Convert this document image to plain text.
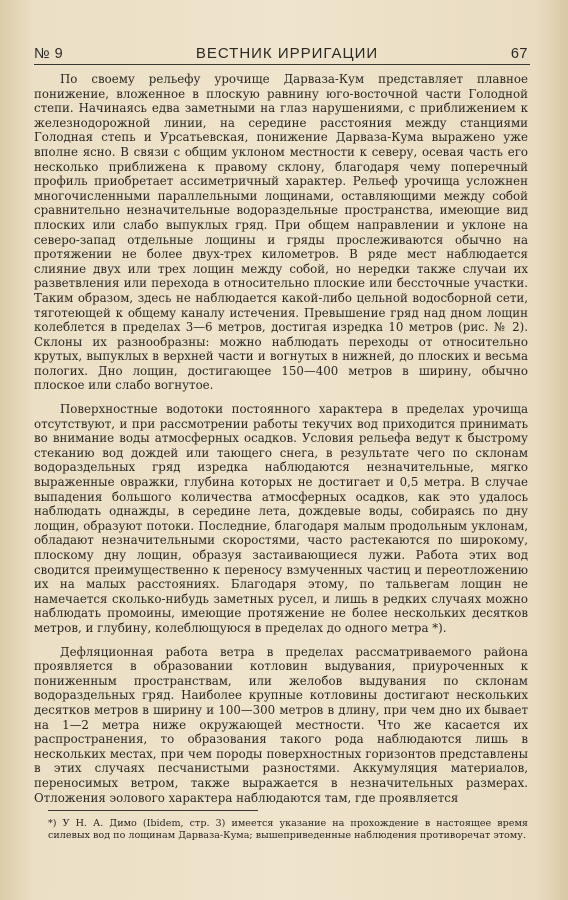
№ 9	ВЕСТНИК ИРРИГАЦИИ	67

По своему рельефу урочище Дарваза-Кум представляет плавное понижение, вложенное в плоскую равнину юго-восточной части Голодной степи. Начинаясь едва заметными на глаз нарушениями, с приближением к железнодорожной линии, на середине расстояния между станциями Голодная степь и Урсатьевская, понижение Дарваза-Кума выражено уже вполне ясно. В связи с общим уклоном местности к северу, осевая часть его несколько приближена к правому склону, благодаря чему поперечный профиль приобретает ассиметричный характер. Рельеф урочища усложнен многочисленными параллельными лощинами, оставляющими между собой сравнительно незначительные водораздельные пространства, имеющие вид плоских или слабо выпуклых гряд. При общем направлении и уклоне на северо-запад отдельные лощины и гряды прослеживаются обычно на протяжении не более двух-трех километров. В ряде мест наблюдается слияние двух или трех лощин между собой, но нередки также случаи их разветвления или перехода в относительно плоские или бессточные участки. Таким образом, здесь не наблюдается какой-либо цельной водосборной сети, тяготеющей к общему каналу истечения. Превышение гряд над дном лощин колеблется в пределах 3—6 метров, достигая изредка 10 метров (рис. № 2). Склоны их разнообразны: можно наблюдать переходы от относительно крутых, выпуклых в верхней части и вогнутых в нижней, до плоских и весьма пологих. Дно лощин, достигающее 150—400 метров в ширину, обычно плоское или слабо вогнутое.

Поверхностные водотоки постоянного характера в пределах урочища отсутствуют, и при рассмотрении работы текучих вод приходится принимать во внимание воды атмосферных осадков. Условия рельефа ведут к быстрому стеканию вод дождей или тающего снега, в результате чего по склонам водораздельных гряд изредка наблюдаются незначительные, мягко выраженные овражки, глубина которых не достигает и 0,5 метра. В случае выпадения большого количества атмосферных осадков, как это удалось наблюдать однажды, в середине лета, дождевые воды, собираясь по дну лощин, образуют потоки. Последние, благодаря малым продольным уклонам, обладают незначительными скоростями, часто растекаются по широкому, плоскому дну лощин, образуя застаивающиеся лужи. Работа этих вод сводится преимущественно к переносу взмученных частиц и переотложению их на малых расстояниях. Благодаря этому, по тальвегам лощин не намечается сколько-нибудь заметных русел, и лишь в редких случаях можно наблюдать промоины, имеющие протяжение не более нескольких десятков метров, и глубину, колеблющуюся в пределах до одного метра *).

Дефляционная работа ветра в пределах рассматриваемого района проявляется в образовании котловин выдувания, приуроченных к пониженным пространствам, или желобов выдувания по склонам водораздельных гряд. Наиболее крупные котловины достигают нескольких десятков метров в ширину и 100—300 метров в длину, при чем дно их бывает на 1—2 метра ниже окружающей местности. Что же касается их распространения, то образования такого рода наблюдаются лишь в нескольких местах, при чем породы поверхностных горизонтов представлены в этих случаях песчанистыми разностями. Аккумуляция материалов, переносимых ветром, также выражается в незначительных размерах. Отложения эолового характера наблюдаются там, где проявляется

*) У Н. А. Димо (Ibidem, стр. 3) имеется указание на прохождение в настоящее время силевых вод по лощинам Дарваза-Кума; вышеприведенные наблюдения противоречат этому.
